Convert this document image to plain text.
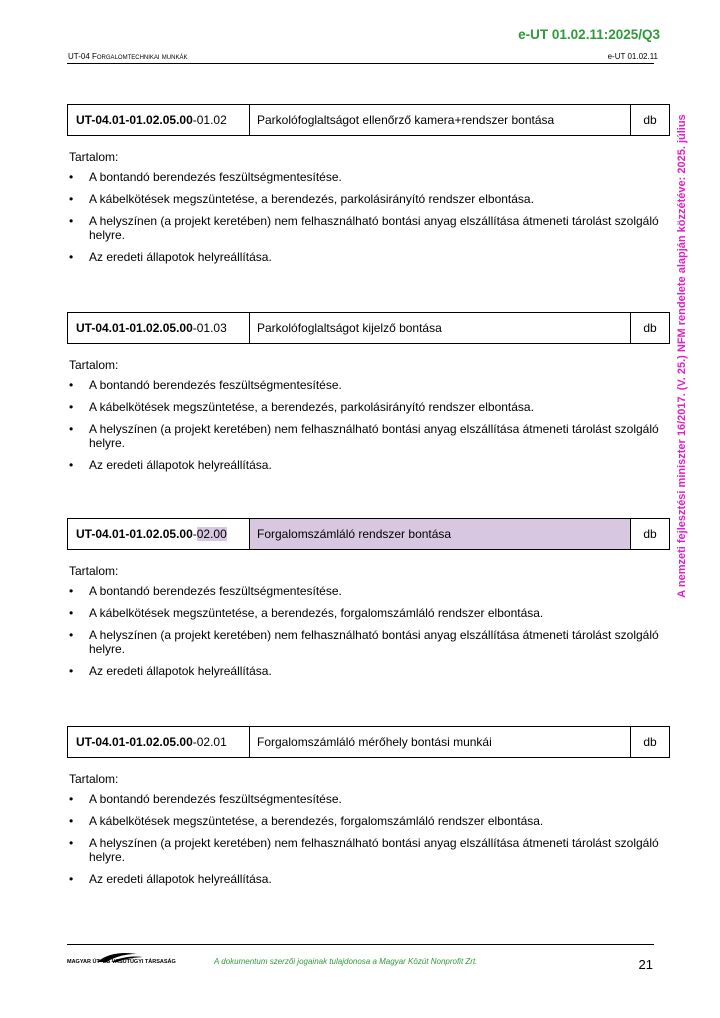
e-UT 01.02.11:2025/Q3
UT-04 Forgalomtechnikai munkák	e-UT 01.02.11
A nemzeti fejlesztési miniszter 16/2017. (V. 25.) NFM rendelete alapján közzétéve: 2025. július
UT-04.01-01.02.05.00 -01.02	Parkolófoglaltságot ellenőrző kamera+rendszer bontása	db
Tartalom:
• A bontandó berendezés feszültségmentesítése.
• A kábelkötések megszüntetése, a berendezés, parkolásirányító rendszer elbontása.
• A helyszínen (a projekt keretében) nem felhasználható bontási anyag elszállítása átmeneti tárolást szolgáló helyre.
• Az eredeti állapotok helyreállítása.
UT-04.01-01.02.05.00 -01.03	Parkolófoglaltságot kijelző bontása	db
Tartalom:
• A bontandó berendezés feszültségmentesítése.
• A kábelkötések megszüntetése, a berendezés, parkolásirányító rendszer elbontása.
• A helyszínen (a projekt keretében) nem felhasználható bontási anyag elszállítása átmeneti tárolást szolgáló helyre.
• Az eredeti állapotok helyreállítása.
UT-04.01-01.02.05.00 - 02.00	Forgalomszámláló rendszer bontása	db
Tartalom:
• A bontandó berendezés feszültségmentesítése.
• A kábelkötések megszüntetése, a berendezés, forgalomszámláló rendszer elbontása.
• A helyszínen (a projekt keretében) nem felhasználható bontási anyag elszállítása átmeneti tárolást szolgáló helyre.
• Az eredeti állapotok helyreállítása.
UT-04.01-01.02.05.00 -02.01	Forgalomszámláló mérőhely bontási munkái	db
Tartalom:
• A bontandó berendezés feszültségmentesítése.
• A kábelkötések megszüntetése, a berendezés, forgalomszámláló rendszer elbontása.
• A helyszínen (a projekt keretében) nem felhasználható bontási anyag elszállítása átmeneti tárolást szolgáló helyre.
• Az eredeti állapotok helyreállítása.
MAGYAR ÚT- ÉS VASÚTÜGYI TÁRSASÁG	A dokumentum szerzői jogainak tulajdonosa a Magyar Közút Nonprofit Zrt.	21
